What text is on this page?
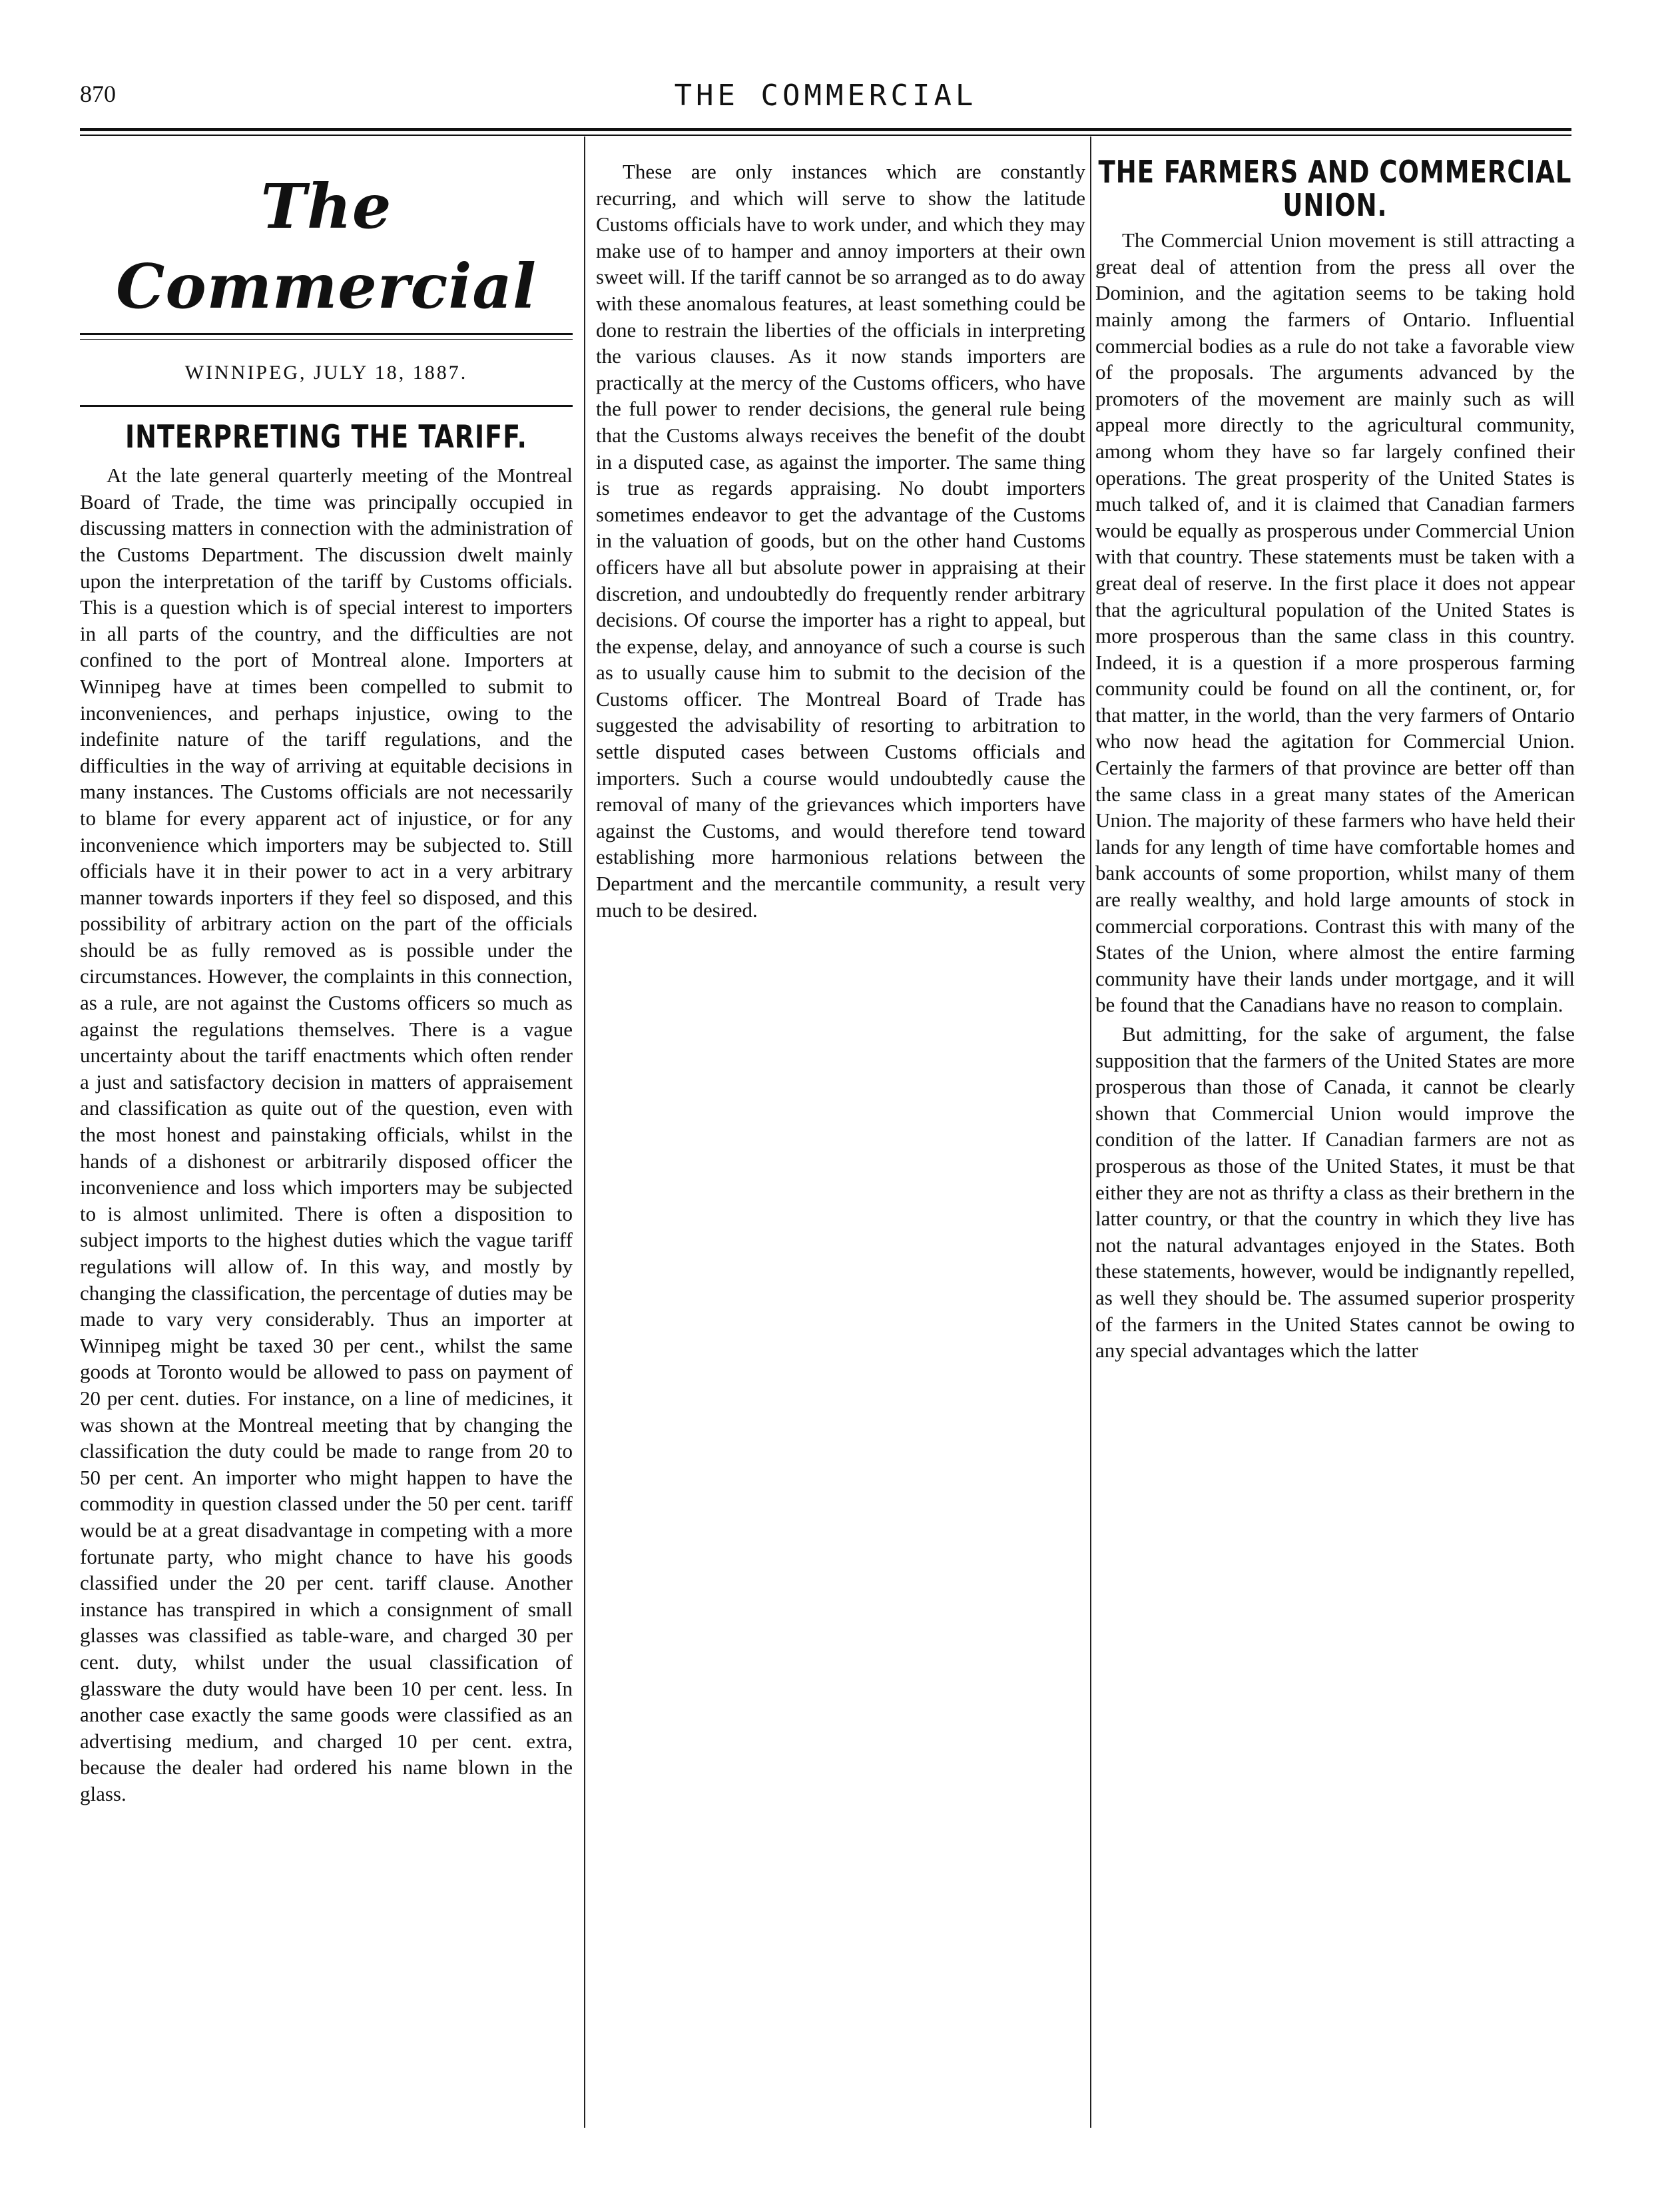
870	THE COMMERCIAL
The Commercial
WINNIPEG, JULY 18, 1887.
INTERPRETING THE TARIFF.

At the late general quarterly meeting of the Montreal Board of Trade, the time was principally occupied in discussing matters in connection with the administration of the Customs Department. The discussion dwelt mainly upon the interpretation of the tariff by Customs officials. This is a question which is of special interest to importers in all parts of the country, and the difficulties are not confined to the port of Montreal alone. Importers at Winnipeg have at times been compelled to submit to inconveniences, and perhaps injustice, owing to the indefinite nature of the tariff regulations, and the difficulties in the way of arriving at equitable decisions in many instances. The Customs officials are not necessarily to blame for every apparent act of injustice, or for any inconvenience which importers may be subjected to. Still officials have it in their power to act in a very arbitrary manner towards inporters if they feel so disposed, and this possibility of arbitrary action on the part of the officials should be as fully removed as is possible under the circumstances. However, the complaints in this connection, as a rule, are not against the Customs officers so much as against the regulations themselves. There is a vague uncertainty about the tariff enactments which often render a just and satisfactory decision in matters of appraisement and classification as quite out of the question, even with the most honest and painstaking officials, whilst in the hands of a dishonest or arbitrarily disposed officer the inconvenience and loss which importers may be subjected to is almost unlimited. There is often a disposition to subject imports to the highest duties which the vague tariff regulations will allow of. In this way, and mostly by changing the classification, the percentage of duties may be made to vary very considerably. Thus an importer at Winnipeg might be taxed 30 per cent., whilst the same goods at Toronto would be allowed to pass on payment of 20 per cent. duties. For instance, on a line of medicines, it was shown at the Montreal meeting that by changing the classification the duty could be made to range from 20 to 50 per cent. An importer who might happen to have the commodity in question classed under the 50 per cent. tariff would be at a great disadvantage in competing with a more fortunate party, who might chance to have his goods classified under the 20 per cent. tariff clause. Another instance has transpired in which a consignment of small glasses was classified as table-ware, and charged 30 per cent. duty, whilst under the usual classification of glassware the duty would have been 10 per cent. less. In another case exactly the same goods were classified as an advertising medium, and charged 10 per cent. extra, because the dealer had ordered his name blown in the glass.

These are only instances which are constantly recurring, and which will serve to show the latitude Customs officials have to work under, and which they may make use of to hamper and annoy importers at their own sweet will. If the tariff cannot be so arranged as to do away with these anomalous features, at least something could be done to restrain the liberties of the officials in interpreting the various clauses. As it now stands importers are practically at the mercy of the Customs officers, who have the full power to render decisions, the general rule being that the Customs always receives the benefit of the doubt in a disputed case, as against the importer. The same thing is true as regards appraising. No doubt importers sometimes endeavor to get the advantage of the Customs in the valuation of goods, but on the other hand Customs officers have all but absolute power in appraising at their discretion, and undoubtedly do frequently render arbitrary decisions. Of course the importer has a right to appeal, but the expense, delay, and annoyance of such a course is such as to usually cause him to submit to the decision of the Customs officer. The Montreal Board of Trade has suggested the advisability of resorting to arbitration to settle disputed cases between Customs officials and importers. Such a course would undoubtedly cause the removal of many of the grievances which importers have against the Customs, and would therefore tend toward establishing more harmonious relations between the Department and the mercantile community, a result very much to be desired.

THE FARMERS AND COMMERCIAL UNION.

The Commercial Union movement is still attracting a great deal of attention from the press all over the Dominion, and the agitation seems to be taking hold mainly among the farmers of Ontario. Influential commercial bodies as a rule do not take a favorable view of the proposals. The arguments advanced by the promoters of the movement are mainly such as will appeal more directly to the agricultural community, among whom they have so far largely confined their operations. The great prosperity of the United States is much talked of, and it is claimed that Canadian farmers would be equally as prosperous under Commercial Union with that country. These statements must be taken with a great deal of reserve. In the first place it does not appear that the agricultural population of the United States is more prosperous than the same class in this country. Indeed, it is a question if a more prosperous farming community could be found on all the continent, or, for that matter, in the world, than the very farmers of Ontario who now head the agitation for Commercial Union. Certainly the farmers of that province are better off than the same class in a great many states of the American Union. The majority of these farmers who have held their lands for any length of time have comfortable homes and bank accounts of some proportion, whilst many of them are really wealthy, and hold large amounts of stock in commercial corporations. Contrast this with many of the States of the Union, where almost the entire farming community have their lands under mortgage, and it will be found that the Canadians have no reason to complain.

But admitting, for the sake of argument, the false supposition that the farmers of the United States are more prosperous than those of Canada, it cannot be clearly shown that Commercial Union would improve the condition of the latter. If Canadian farmers are not as prosperous as those of the United States, it must be that either they are not as thrifty a class as their brethern in the latter country, or that the country in which they live has not the natural advantages enjoyed in the States. Both these statements, however, would be indignantly repelled, as well they should be. The assumed superior prosperity of the farmers in the United States cannot be owing to any special advantages which the latter
